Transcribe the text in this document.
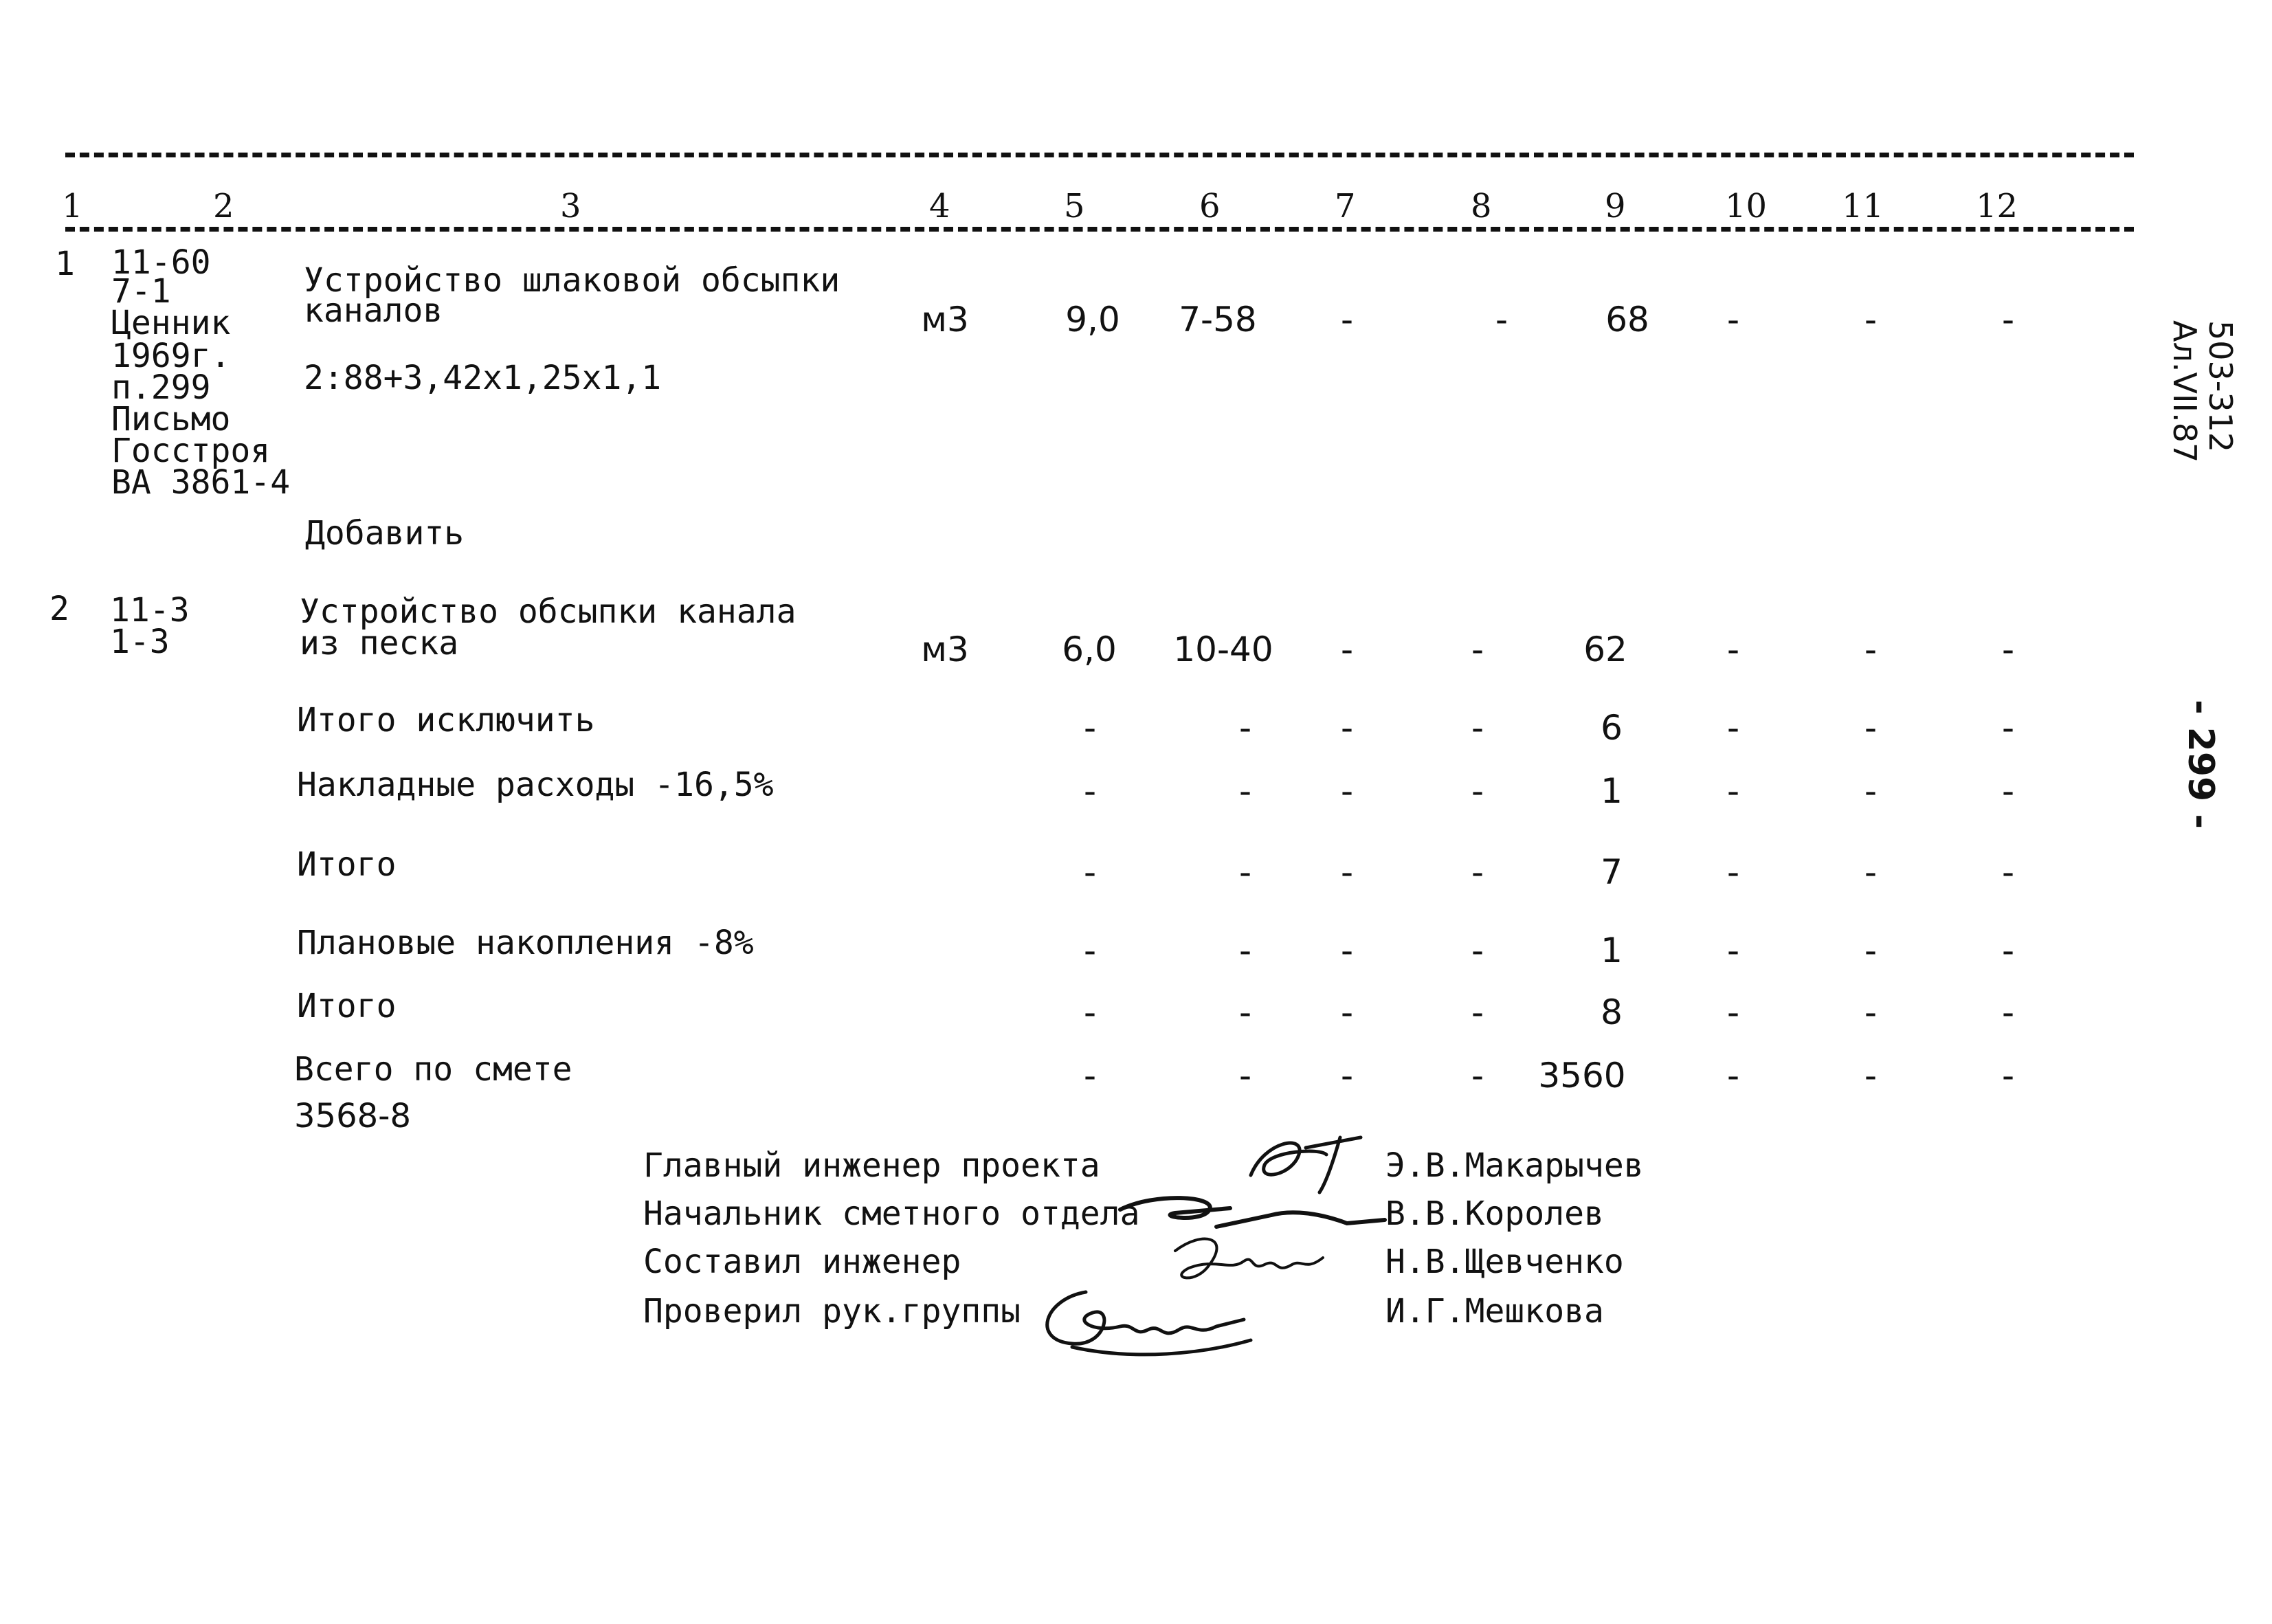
1	2	3	4	5	6	7	8	9	10 11	12
1 11-60
7-1
Ценник
1969г.
п.299
Письмо
Госстроя
ВА 3861-4
Устройство шлаковой обсыпки
каналов
2:88+3,42x1,25x1,1
м3	9,0	7-58	-	-	68	-	-	-
Добавить
2 11-3
1-3
Устройство обсыпки канала
из песка	м3	6,0	10-40	-	-	62	-	-	-
Итого исключить	-	-	-	-	6	-	-	-
Накладные расходы -16,5%	-	-	-	-	1	-	-	-
Итого	-	-	-	-	7	-	-	-
Плановые накопления -8%	-	-	-	-	1	-	-	-
Итого	-	-	-	-	8	-	-	-
Всего по смете	-	-	-	-	3560	-	-	-
3568-8
Главный инженер проекта	Э.В.Макарычев
Начальник сметного отдела	В.В.Королев
Составил инженер	Н.В.Щевченко
Проверил рук.группы	И.Г.Мешкова
503-312
Ал.VII.87
- 299 -
